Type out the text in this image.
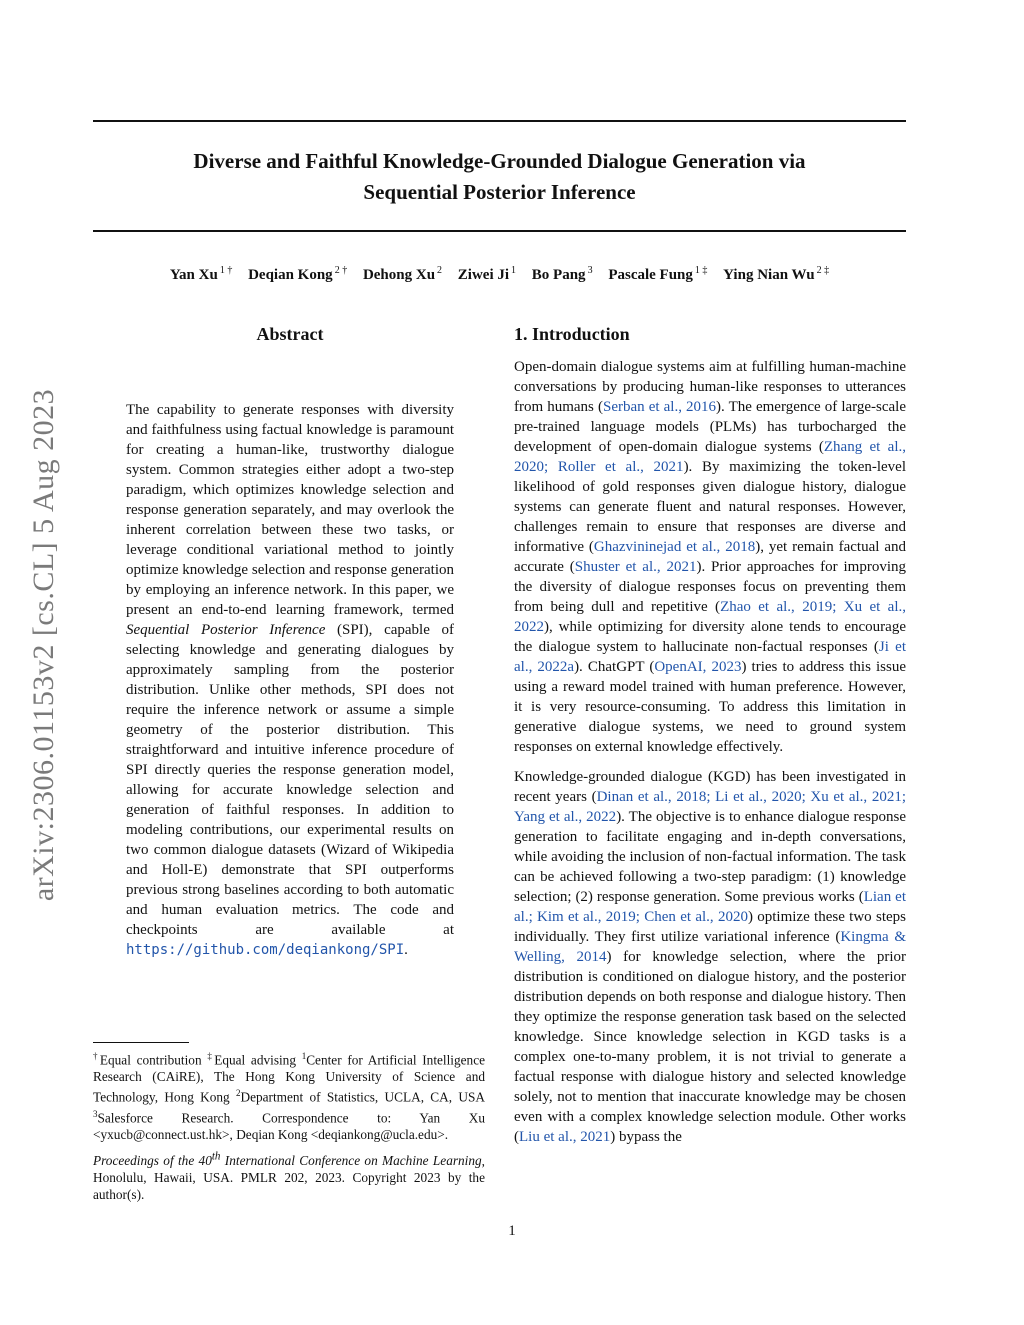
arXiv:2306.01153v2 [cs.CL] 5 Aug 2023
Diverse and Faithful Knowledge-Grounded Dialogue Generation via
Sequential Posterior Inference
Yan Xu $^{1 \dagger}$ Deqian Kong $^{2 \dagger}$ Dehong Xu $^2$ Ziwei Ji $^1$ Bo Pang $^3$ Pascale Fung $^{1 \ddagger}$ Ying Nian Wu $^{2 \ddagger}$
Abstract

The capability to generate responses with diversity and faithfulness using factual knowledge is paramount for creating a human-like, trustworthy dialogue system. Common strategies either adopt a two-step paradigm, which optimizes knowledge selection and response generation separately, and may overlook the inherent correlation between these two tasks, or leverage conditional variational method to jointly optimize knowledge selection and response generation by employing an inference network. In this paper, we present an end-to-end learning framework, termed Sequential Posterior Inference (SPI), capable of selecting knowledge and generating dialogues by approximately sampling from the posterior distribution. Unlike other methods, SPI does not require the inference network or assume a simple geometry of the posterior distribution. This straightforward and intuitive inference procedure of SPI directly queries the response generation model, allowing for accurate knowledge selection and generation of faithful responses. In addition to modeling contributions, our experimental results on two common dialogue datasets (Wizard of Wikipedia and Holl-E) demonstrate that SPI outperforms previous strong baselines according to both automatic and human evaluation metrics. The code and checkpoints are available at https://github.com/deqiankong/SPI.

1. Introduction

Open-domain dialogue systems aim at fulfilling human-machine conversations by producing human-like responses to utterances from humans (Serban et al., 2016). The emergence of large-scale pre-trained language models (PLMs) has turbocharged the development of open-domain dialogue systems (Zhang et al., 2020; Roller et al., 2021). By maximizing the token-level likelihood of gold responses given dialogue history, dialogue systems can generate fluent and natural responses. However, challenges remain to ensure that responses are diverse and informative (Ghazvininejad et al., 2018), yet remain factual and accurate (Shuster et al., 2021). Prior approaches for improving the diversity of dialogue responses focus on preventing them from being dull and repetitive (Zhao et al., 2019; Xu et al., 2022), while optimizing for diversity alone tends to encourage the dialogue system to hallucinate non-factual responses (Ji et al., 2022a). ChatGPT (OpenAI, 2023) tries to address this issue using a reward model trained with human preference. However, it is very resource-consuming. To address this limitation in generative dialogue systems, we need to ground system responses on external knowledge effectively.

Knowledge-grounded dialogue (KGD) has been investigated in recent years (Dinan et al., 2018; Li et al., 2020; Xu et al., 2021; Yang et al., 2022). The objective is to enhance dialogue response generation to facilitate engaging and in-depth conversations, while avoiding the inclusion of non-factual information. The task can be achieved following a two-step paradigm: (1) knowledge selection; (2) response generation. Some previous works (Lian et al.; Kim et al., 2019; Chen et al., 2020) optimize these two steps individually. They first utilize variational inference (Kingma & Welling, 2014) for knowledge selection, where the prior distribution is conditioned on dialogue history, and the posterior distribution depends on both response and dialogue history. Then they optimize the response generation task based on the selected knowledge. Since knowledge selection in KGD tasks is a complex one-to-many problem, it is not trivial to generate a factual response with dialogue history and selected knowledge solely, not to mention that inaccurate knowledge may be chosen even with a complex knowledge selection module. Other works (Liu et al., 2021) bypass the

†Equal contribution ‡Equal advising $^1$Center for Artificial Intelligence Research (CAiRE), The Hong Kong University of Science and Technology, Hong Kong $^2$Department of Statistics, UCLA, CA, USA $^3$Salesforce Research. Correspondence to: Yan Xu <yxucb@connect.ust.hk>, Deqian Kong <deqiankong@ucla.edu>.
Proceedings of the 40th International Conference on Machine Learning, Honolulu, Hawaii, USA. PMLR 202, 2023. Copyright 2023 by the author(s).
1
